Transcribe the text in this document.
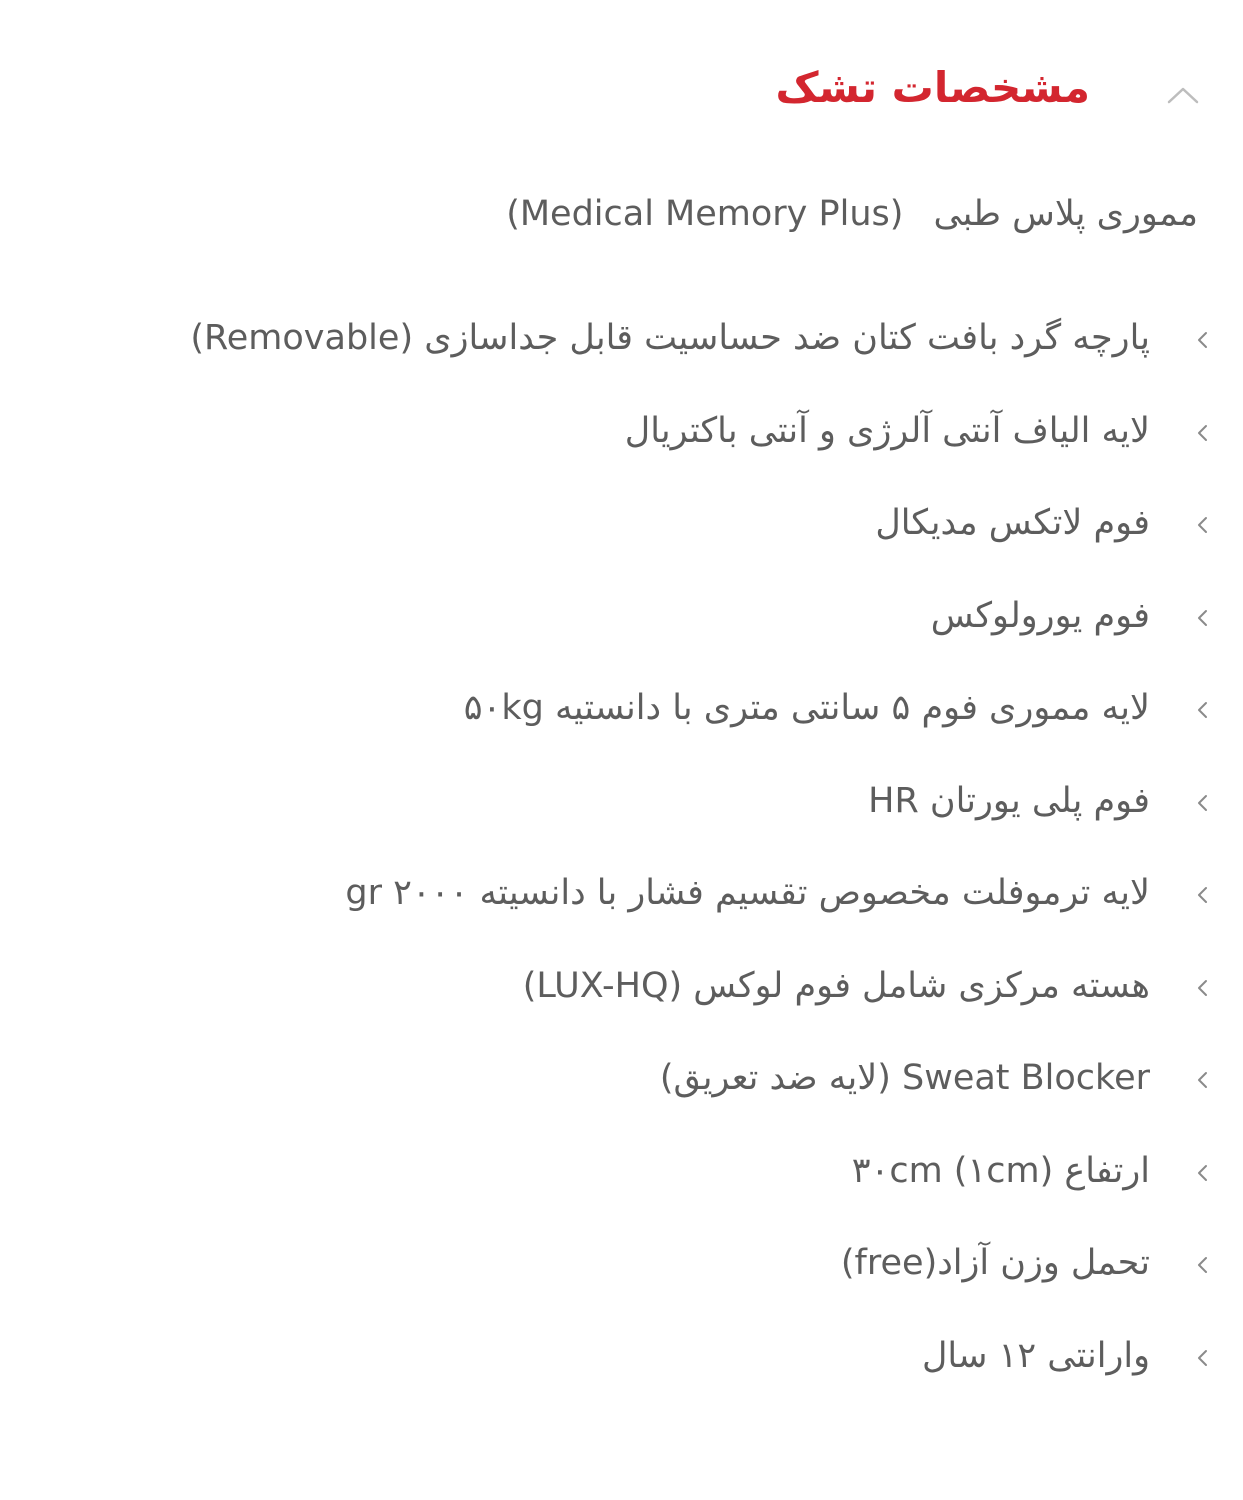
مشخصات تشک
مموری پلاس طبی(Medical Memory Plus)
پارچه گرد بافت کتان ضد حساسیت قابل جداسازی (Removable)
لایه الیاف آنتی آلرژی و آنتی باکتریال
فوم لاتکس مدیکال
فوم یورولوکس
لایه مموری فوم ۵ سانتی متری با دانستیه ۵۰kg
فوم پلی یورتان HR
لایه ترموفلت مخصوص تقسیم فشار با دانسیته ۲۰۰۰ gr
هسته مرکزی شامل فوم لوکس (LUX-HQ)
Sweat Blocker (لایه ضد تعریق)
ارتفاع (۱cm) ۳۰cm
تحمل وزن آزاد(free)
وارانتی ۱۲ سال
